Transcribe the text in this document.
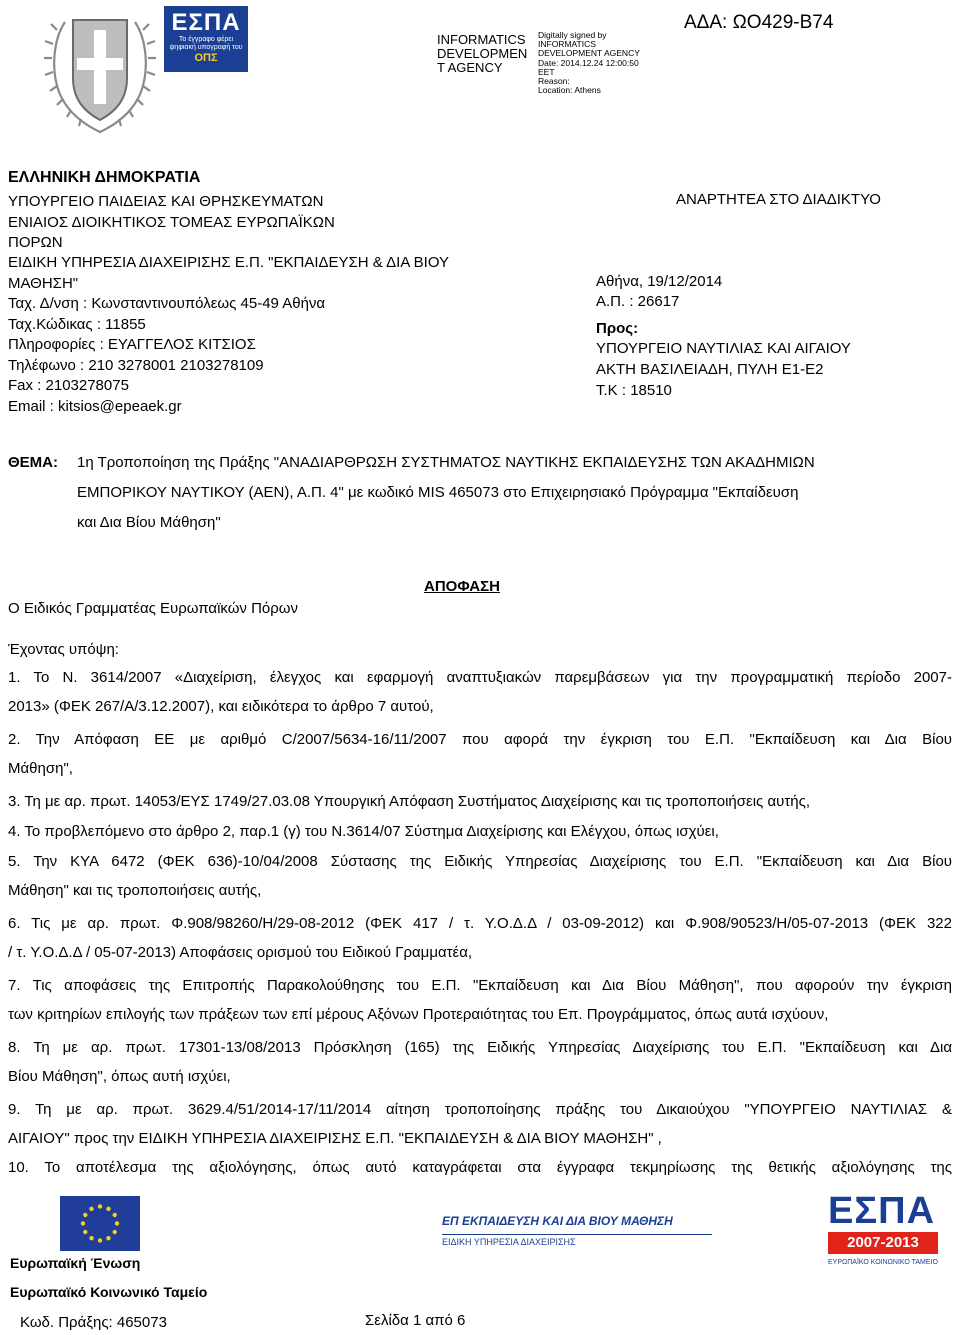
ΕΣΠΑ
Το έγγραφο φέρει ψηφιακή υπογραφή του
ΟΠΣ
INFORMATICS
DEVELOPMEN
T AGENCY
Digitally signed by
INFORMATICS
DEVELOPMENT AGENCY
Date: 2014.12.24 12:00:50
EET
Reason:
Location: Athens
ΑΔΑ: ΩΟ429-Β74
ΕΛΛΗΝΙΚΗ ΔΗΜΟΚΡΑΤΙΑ
ΥΠΟΥΡΓΕΙΟ ΠΑΙΔΕΙΑΣ ΚΑΙ ΘΡΗΣΚΕΥΜΑΤΩΝ
ΕΝΙΑΙΟΣ ΔΙΟΙΚΗΤΙΚΟΣ ΤΟΜΕΑΣ ΕΥΡΩΠΑΪΚΩΝ
ΠΟΡΩΝ
ΕΙΔΙΚΗ ΥΠΗΡΕΣΙΑ ΔΙΑΧΕΙΡΙΣΗΣ Ε.Π. "ΕΚΠΑΙΔΕΥΣΗ & ΔΙΑ ΒΙΟΥ
ΜΑΘΗΣΗ"
Ταχ. Δ/νση : Κωνσταντινουπόλεως 45-49 Αθήνα
Ταχ.Κώδικας : 11855
Πληροφορίες : ΕΥΑΓΓΕΛΟΣ ΚΙΤΣΙΟΣ
Τηλέφωνο : 210 3278001 2103278109
Fax : 2103278075
Email : kitsios@epeaek.gr
ΑΝΑΡΤΗΤΕΑ ΣΤΟ ΔΙΑΔΙΚΤΥΟ
Αθήνα, 19/12/2014
Α.Π. : 26617
Προς:
ΥΠΟΥΡΓΕΙΟ ΝΑΥΤΙΛΙΑΣ ΚΑΙ ΑΙΓΑΙΟΥ
ΑΚΤΗ ΒΑΣΙΛΕΙΑΔΗ, ΠΥΛΗ Ε1-Ε2
Τ.Κ : 18510
ΘΕΜΑ: 1η Τροποποίηση της Πράξης "ΑΝΑΔΙΑΡΘΡΩΣΗ ΣΥΣΤΗΜΑΤΟΣ ΝΑΥΤΙΚΗΣ ΕΚΠΑΙΔΕΥΣΗΣ ΤΩΝ ΑΚΑΔΗΜΙΩΝ
ΕΜΠΟΡΙΚΟΥ ΝΑΥΤΙΚΟΥ (ΑΕΝ), Α.Π. 4" με κωδικό MIS 465073 στο Επιχειρησιακό Πρόγραμμα "Εκπαίδευση
και Δια Βίου Μάθηση"
ΑΠΟΦΑΣΗ
Ο Ειδικός Γραμματέας Ευρωπαϊκών Πόρων
Έχοντας υπόψη:
1. Το Ν. 3614/2007 «Διαχείριση, έλεγχος και εφαρμογή αναπτυξιακών παρεμβάσεων για την προγραμματική περίοδο 2007-
2013» (ΦΕΚ 267/Α/3.12.2007), και ειδικότερα το άρθρο 7 αυτού,
2. Την Απόφαση ΕΕ με αριθμό C/2007/5634-16/11/2007 που αφορά την έγκριση του Ε.Π. "Εκπαίδευση και Δια Βίου
Μάθηση",
3. Τη με αρ. πρωτ. 14053/ΕΥΣ 1749/27.03.08 Υπουργική Απόφαση Συστήματος Διαχείρισης και τις τροποποιήσεις αυτής,
4. Το προβλεπόμενο στο άρθρο 2, παρ.1 (γ) του Ν.3614/07 Σύστημα Διαχείρισης και Ελέγχου, όπως ισχύει,
5. Την ΚΥΑ 6472 (ΦΕΚ 636)-10/04/2008 Σύστασης της Ειδικής Υπηρεσίας Διαχείρισης του Ε.Π. "Εκπαίδευση και Δια Βίου
Μάθηση" και τις τροποποιήσεις αυτής,
6. Τις με αρ. πρωτ. Φ.908/98260/Η/29-08-2012 (ΦΕΚ 417 / τ. Υ.Ο.Δ.Δ / 03-09-2012) και Φ.908/90523/Η/05-07-2013 (ΦΕΚ 322
/ τ. Υ.Ο.Δ.Δ / 05-07-2013) Αποφάσεις ορισμού του Ειδικού Γραμματέα,
7. Τις αποφάσεις της Επιτροπής Παρακολούθησης του Ε.Π. "Εκπαίδευση και Δια Βίου Μάθηση", που αφορούν την έγκριση
των κριτηρίων επιλογής των πράξεων των επί μέρους Αξόνων Προτεραιότητας του Επ. Προγράμματος, όπως αυτά ισχύουν,
8. Τη με αρ. πρωτ. 17301-13/08/2013 Πρόσκληση (165) της Ειδικής Υπηρεσίας Διαχείρισης του Ε.Π. "Εκπαίδευση και Δια
Βίου Μάθηση", όπως αυτή ισχύει,
9. Τη με αρ. πρωτ. 3629.4/51/2014-17/11/2014 αίτηση τροποποίησης πράξης του Δικαιούχου "ΥΠΟΥΡΓΕΙΟ ΝΑΥΤΙΛΙΑΣ &
ΑΙΓΑΙΟΥ" προς την ΕΙΔΙΚΗ ΥΠΗΡΕΣΙΑ ΔΙΑΧΕΙΡΙΣΗΣ Ε.Π. "ΕΚΠΑΙΔΕΥΣΗ & ΔΙΑ ΒΙΟΥ ΜΑΘΗΣΗ" ,
10. Το αποτέλεσμα της αξιολόγησης, όπως αυτό καταγράφεται στα έγγραφα τεκμηρίωσης της θετικής αξιολόγησης της
Ευρωπαϊκή Ένωση
Ευρωπαϊκό Κοινωνικό Ταμείο
ΕΠ ΕΚΠΑΙΔΕΥΣΗ ΚΑΙ ΔΙΑ ΒΙΟΥ ΜΑΘΗΣΗ
ΕΙΔΙΚΗ ΥΠΗΡΕΣΙΑ ΔΙΑΧΕΙΡΙΣΗΣ
ΕΣΠΑ
2007-2013
ΕΥΡΩΠΑΪΚΟ ΚΟΙΝΩΝΙΚΟ ΤΑΜΕΙΟ
Κωδ. Πράξης: 465073	Σελίδα 1 από 6
